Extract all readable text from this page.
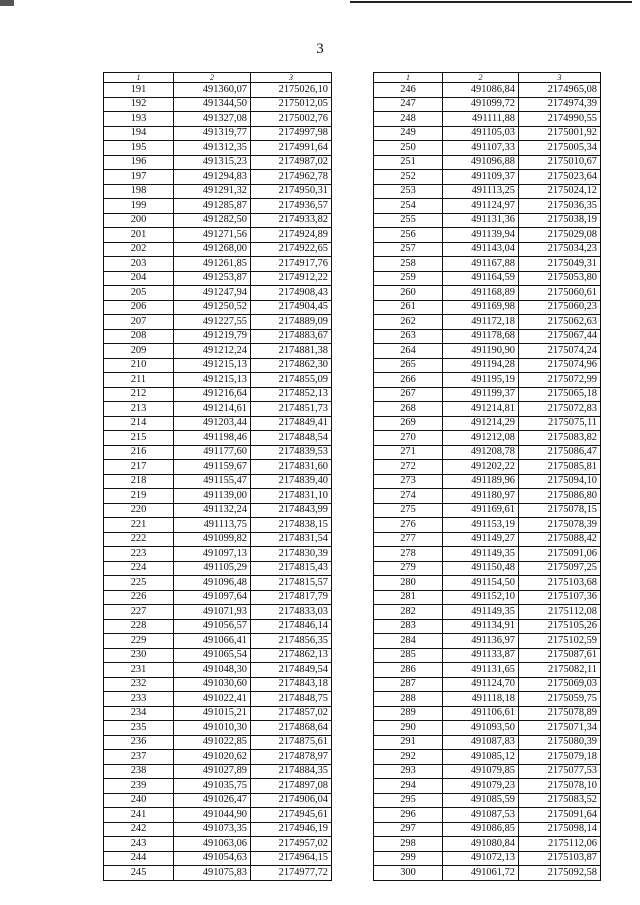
3
1	2	3
191	491360,07	2175026,10
192	491344,50	2175012,05
193	491327,08	2175002,76
194	491319,77	2174997,98
195	491312,35	2174991,64
196	491315,23	2174987,02
197	491294,83	2174962,78
198	491291,32	2174950,31
199	491285,87	2174936,57
200	491282,50	2174933,82
201	491271,56	2174924,89
202	491268,00	2174922,65
203	491261,85	2174917,76
204	491253,87	2174912,22
205	491247,94	2174908,43
206	491250,52	2174904,45
207	491227,55	2174889,09
208	491219,79	2174883,67
209	491212,24	2174881,38
210	491215,13	2174862,30
211	491215,13	2174855,09
212	491216,64	2174852,13
213	491214,61	2174851,73
214	491203,44	2174849,41
215	491198,46	2174848,54
216	491177,60	2174839,53
217	491159,67	2174831,60
218	491155,47	2174839,40
219	491139,00	2174831,10
220	491132,24	2174843,99
221	491113,75	2174838,15
222	491099,82	2174831,54
223	491097,13	2174830,39
224	491105,29	2174815,43
225	491096,48	2174815,57
226	491097,64	2174817,79
227	491071,93	2174833,03
228	491056,57	2174846,14
229	491066,41	2174856,35
230	491065,54	2174862,13
231	491048,30	2174849,54
232	491030,60	2174843,18
233	491022,41	2174848,75
234	491015,21	2174857,02
235	491010,30	2174868,64
236	491022,85	2174875,61
237	491020,62	2174878,97
238	491027,89	2174884,35
239	491035,75	2174897,08
240	491026,47	2174906,04
241	491044,90	2174945,61
242	491073,35	2174946,19
243	491063,06	2174957,02
244	491054,63	2174964,15
245	491075,83	2174977,72
1	2	3
246	491086,84	2174965,08
247	491099,72	2174974,39
248	491111,88	2174990,55
249	491105,03	2175001,92
250	491107,33	2175005,34
251	491096,88	2175010,67
252	491109,37	2175023,64
253	491113,25	2175024,12
254	491124,97	2175036,35
255	491131,36	2175038,19
256	491139,94	2175029,08
257	491143,04	2175034,23
258	491167,88	2175049,31
259	491164,59	2175053,80
260	491168,89	2175060,61
261	491169,98	2175060,23
262	491172,18	2175062,63
263	491178,68	2175067,44
264	491190,90	2175074,24
265	491194,28	2175074,96
266	491195,19	2175072,99
267	491199,37	2175065,18
268	491214,81	2175072,83
269	491214,29	2175075,11
270	491212,08	2175083,82
271	491208,78	2175086,47
272	491202,22	2175085,81
273	491189,96	2175094,10
274	491180,97	2175086,80
275	491169,61	2175078,15
276	491153,19	2175078,39
277	491149,27	2175088,42
278	491149,35	2175091,06
279	491150,48	2175097,25
280	491154,50	2175103,68
281	491152,10	2175107,36
282	491149,35	2175112,08
283	491134,91	2175105,26
284	491136,97	2175102,59
285	491133,87	2175087,61
286	491131,65	2175082,11
287	491124,70	2175069,03
288	491118,18	2175059,75
289	491106,61	2175078,89
290	491093,50	2175071,34
291	491087,83	2175080,39
292	491085,12	2175079,18
293	491079,85	2175077,53
294	491079,23	2175078,10
295	491085,59	2175083,52
296	491087,53	2175091,64
297	491086,85	2175098,14
298	491080,84	2175112,06
299	491072,13	2175103,87
300	491061,72	2175092,58
